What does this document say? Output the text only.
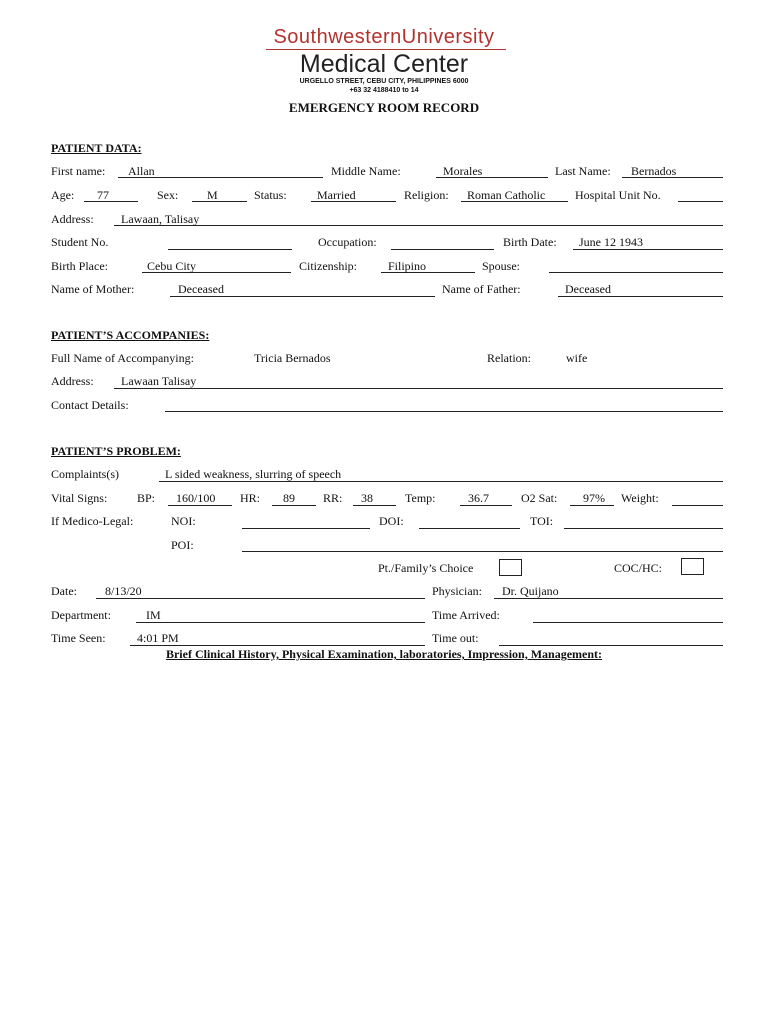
SouthwesternUniversity
Medical Center
URGELLO STREET, CEBU CITY, PHILIPPINES 6000
+63 32 4188410 to 14
EMERGENCY ROOM RECORD
PATIENT DATA:
First name: Allan	Middle Name:	Morales	Last Name: Bernados
Age: 77	Sex: M	Status:	Married	Religion: Roman Catholic Hospital Unit No.
Address: Lawaan, Talisay
Student No.	Occupation:	Birth Date: June 12 1943
Birth Place:	Cebu City	Citizenship:	Filipino	Spouse:
Name of Mother:	Deceased	Name of Father:	Deceased
PATIENT’S ACCOMPANIES:
Full Name of Accompanying:	Tricia Bernados	Relation:	wife
Address: Lawaan Talisay
Contact Details:
PATIENT’S PROBLEM:
Complaints(s)	L sided weakness, slurring of speech
Vital Signs: BP: 160/100 HR: 89 RR: 38	Temp:	36.7	O2 Sat: 97% Weight:
If Medico-Legal:	NOI:	DOI:	TOI:
POI:
Pt./Family’s Choice	COC/HC:
Date: 8/13/20	Physician: Dr. Quijano
Department:	IM	Time Arrived:
Time Seen:	4:01 PM	Time out:
Brief Clinical History, Physical Examination, laboratories, Impression, Management:
